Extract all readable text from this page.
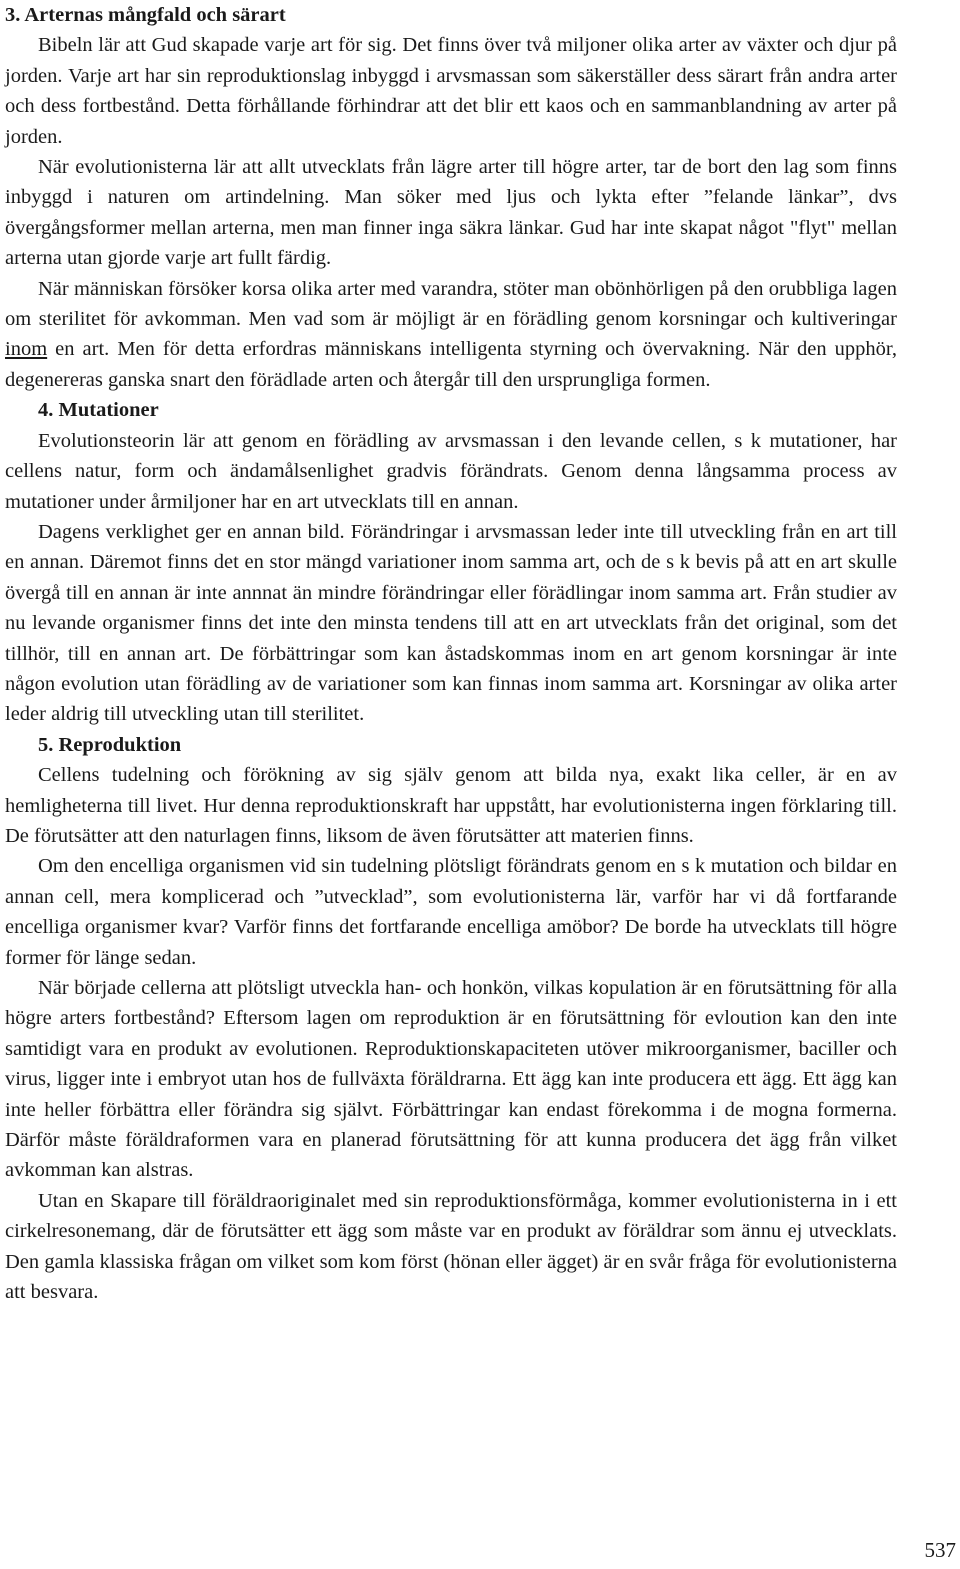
3. Arternas mångfald och särart

Bibeln lär att Gud skapade varje art för sig. Det finns över två miljoner olika arter av växter och djur på jorden. Varje art har sin reproduktionslag inbyggd i arvsmassan som säkerställer dess särart från andra arter och dess fortbestånd. Detta förhållande förhindrar att det blir ett kaos och en sammanblandning av arter på jorden.

När evolutionisterna lär att allt utvecklats från lägre arter till högre arter, tar de bort den lag som finns inbyggd i naturen om artindelning. Man söker med ljus och lykta efter ”felande länkar”, dvs övergångsformer mellan arterna, men man finner inga säkra länkar. Gud har inte skapat något "flyt" mellan arterna utan gjorde varje art fullt färdig.

När människan försöker korsa olika arter med varandra, stöter man obönhörligen på den orubbliga lagen om sterilitet för avkomman. Men vad som är möjligt är en förädling genom korsningar och kultiveringar inom en art. Men för detta erfordras människans intelligenta styrning och övervakning. När den upphör, degenereras ganska snart den förädlade arten och återgår till den ursprungliga formen.

4. Mutationer

Evolutionsteorin lär att genom en förädling av arvsmassan i den levande cellen, s k mutationer, har cellens natur, form och ändamålsenlighet gradvis förändrats. Genom denna långsamma process av mutationer under årmiljoner har en art utvecklats till en annan.

Dagens verklighet ger en annan bild. Förändringar i arvsmassan leder inte till utveckling från en art till en annan. Däremot finns det en stor mängd variationer inom samma art, och de s k bevis på att en art skulle övergå till en annan är inte annnat än mindre förändringar eller förädlingar inom samma art. Från studier av nu levande organismer finns det inte den minsta tendens till att en art utvecklats från det original, som det tillhör, till en annan art. De förbättringar som kan åstadskommas inom en art genom korsningar är inte någon evolution utan förädling av de variationer som kan finnas inom samma art. Korsningar av olika arter leder aldrig till utveckling utan till sterilitet.

5. Reproduktion

Cellens tudelning och förökning av sig själv genom att bilda nya, exakt lika celler, är en av hemligheterna till livet. Hur denna reproduktionskraft har uppstått, har evolutionisterna ingen förklaring till. De förutsätter att den naturlagen finns, liksom de även förutsätter att materien finns.

Om den encelliga organismen vid sin tudelning plötsligt förändrats genom en s k mutation och bildar en annan cell, mera komplicerad och ”utvecklad”, som evolutionisterna lär, varför har vi då fortfarande encelliga organismer kvar? Varför finns det fortfarande encelliga amöbor? De borde ha utvecklats till högre former för länge sedan.

När började cellerna att plötsligt utveckla han- och honkön, vilkas kopulation är en förutsättning för alla högre arters fortbestånd? Eftersom lagen om reproduktion är en förutsättning för evloution kan den inte samtidigt vara en produkt av evolutionen. Reproduktionskapaciteten utöver mikroorganismer, baciller och virus, ligger inte i embryot utan hos de fullväxta föräldrarna. Ett ägg kan inte producera ett ägg. Ett ägg kan inte heller förbättra eller förändra sig självt. Förbättringar kan endast förekomma i de mogna formerna. Därför måste föräldraformen vara en planerad förutsättning för att kunna producera det ägg från vilket avkomman kan alstras.

Utan en Skapare till föräldraoriginalet med sin reproduktionsförmåga, kommer evolutionisterna in i ett cirkelresonemang, där de förutsätter ett ägg som måste var en produkt av föräldrar som ännu ej utvecklats. Den gamla klassiska frågan om vilket som kom först (hönan eller ägget) är en svår fråga för evolutionisterna att besvara.

537
